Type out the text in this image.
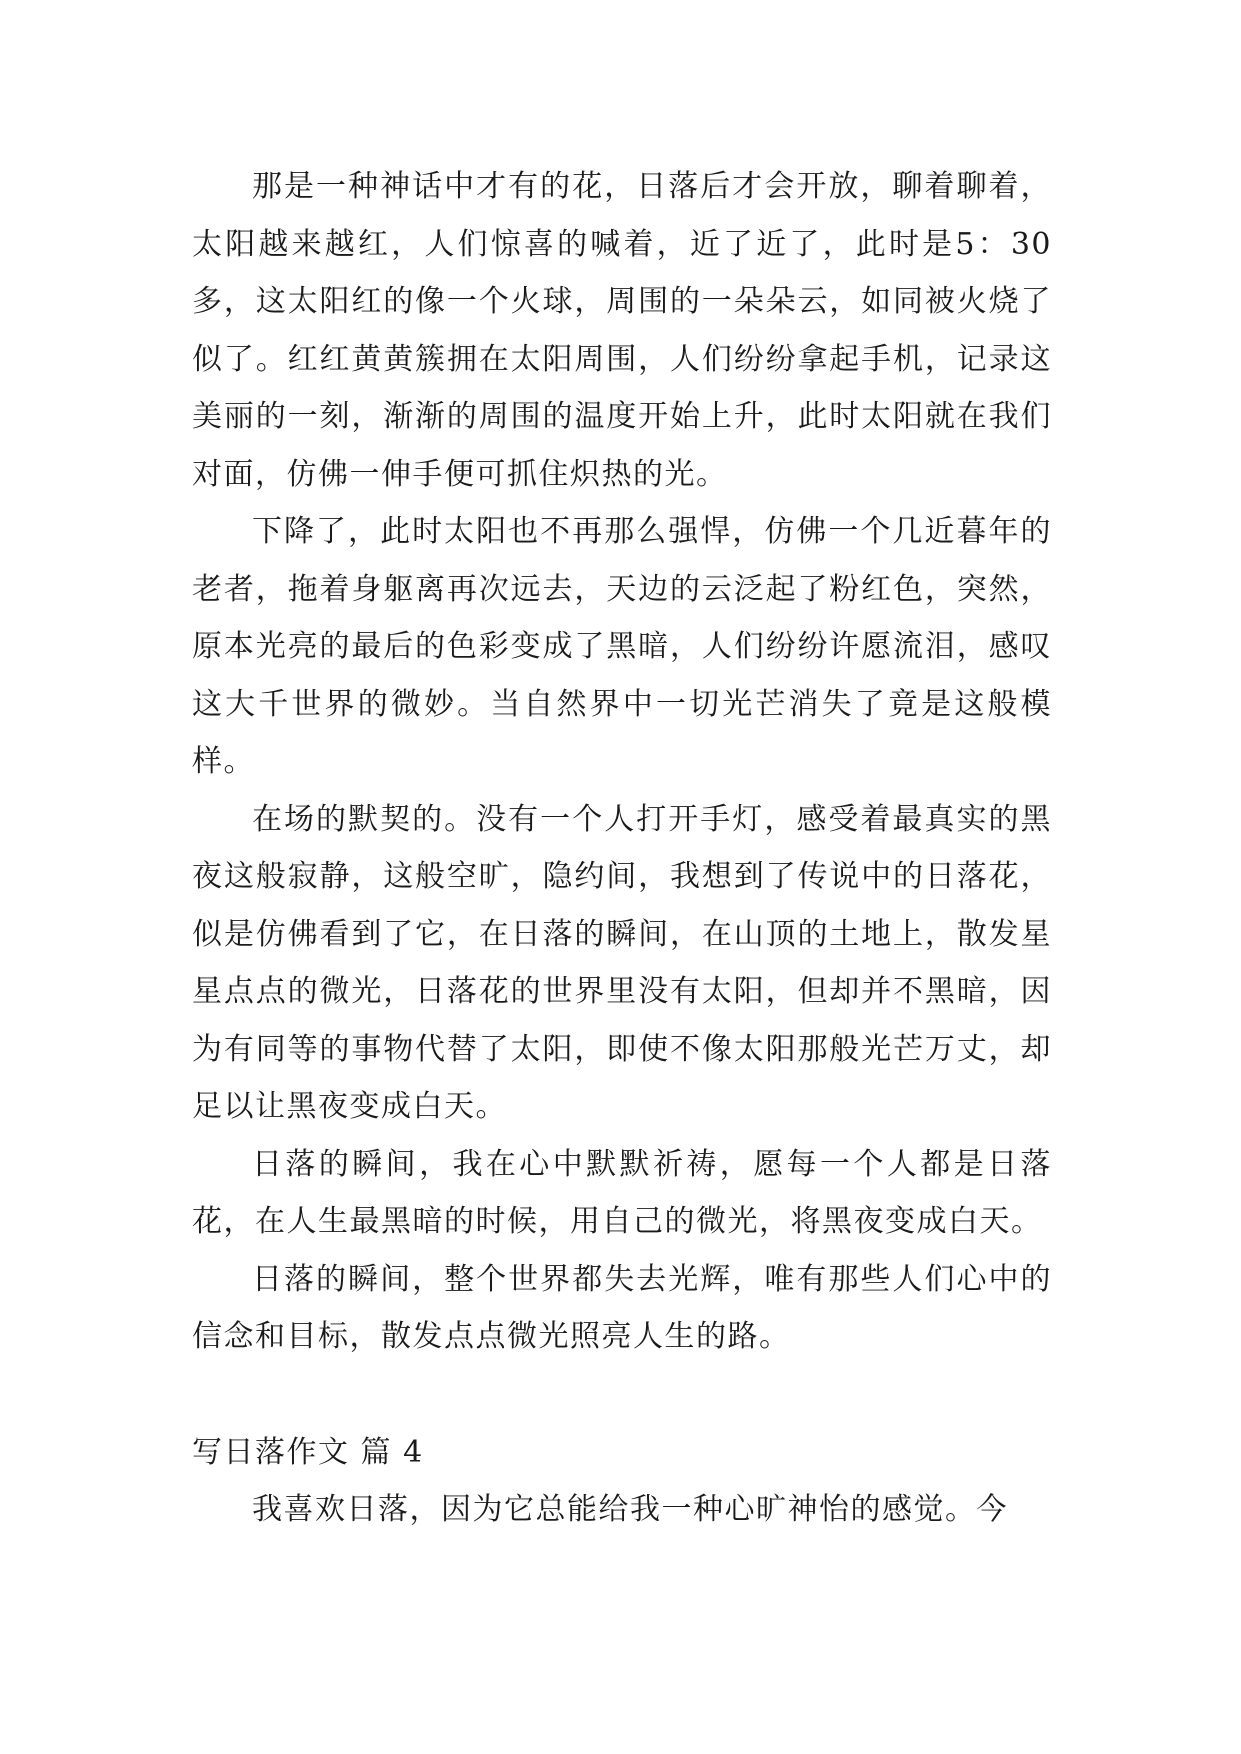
那是一种神话中才有的花，日落后才会开放，聊着聊着，太阳越来越红，人们惊喜的喊着，近了近了，此时是5：30多，这太阳红的像一个火球，周围的一朵朵云，如同被火烧了似了。红红黄黄簇拥在太阳周围，人们纷纷拿起手机，记录这美丽的一刻，渐渐的周围的温度开始上升，此时太阳就在我们对面，仿佛一伸手便可抓住炽热的光。

下降了，此时太阳也不再那么强悍，仿佛一个几近暮年的老者，拖着身躯离再次远去，天边的云泛起了粉红色，突然，原本光亮的最后的色彩变成了黑暗，人们纷纷许愿流泪，感叹这大千世界的微妙。当自然界中一切光芒消失了竟是这般模样。

在场的默契的。没有一个人打开手灯，感受着最真实的黑夜这般寂静，这般空旷，隐约间，我想到了传说中的日落花，似是仿佛看到了它，在日落的瞬间，在山顶的土地上，散发星星点点的微光，日落花的世界里没有太阳，但却并不黑暗，因为有同等的事物代替了太阳，即使不像太阳那般光芒万丈，却足以让黑夜变成白天。

日落的瞬间，我在心中默默祈祷，愿每一个人都是日落花，在人生最黑暗的时候，用自己的微光，将黑夜变成白天。

日落的瞬间，整个世界都失去光辉，唯有那些人们心中的信念和目标，散发点点微光照亮人生的路。

写日落作文 篇 4

我喜欢日落，因为它总能给我一种心旷神怡的感觉。今
